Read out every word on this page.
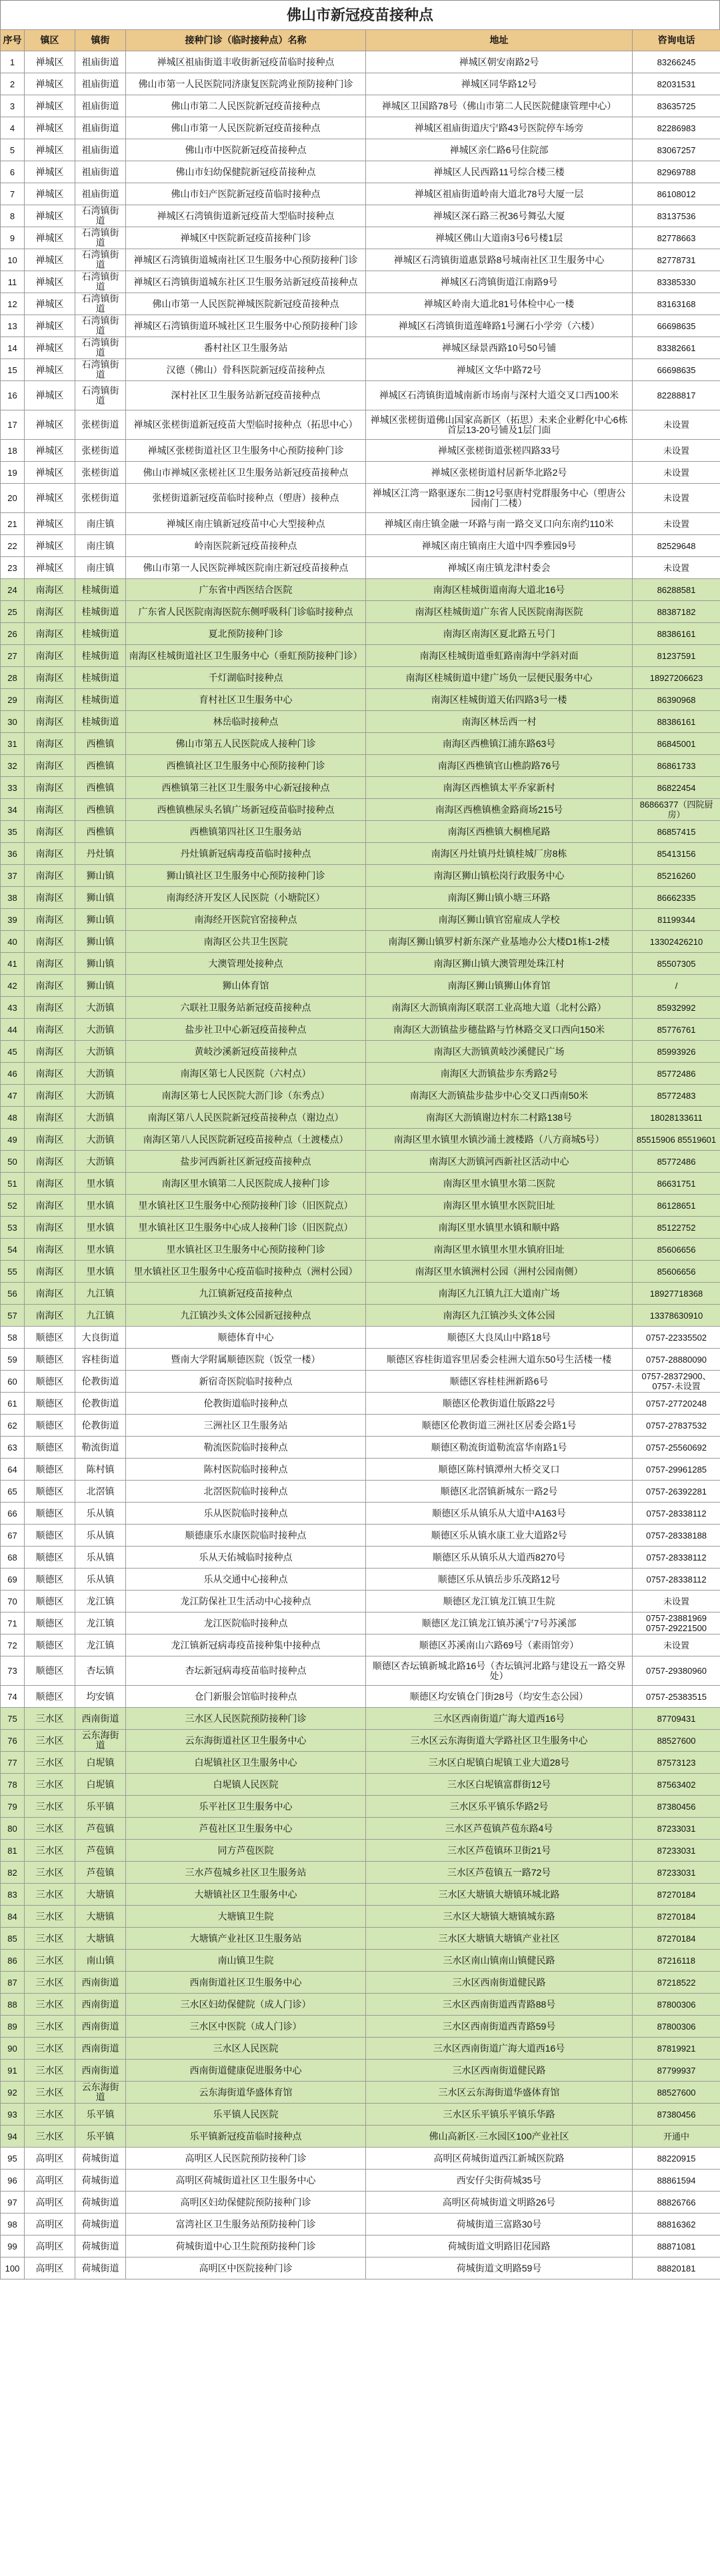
佛山市新冠疫苗接种点
序号	镇区	镇街	接种门诊（临时接种点）名称	地址	咨询电话
1	禅城区	祖庙街道	禅城区祖庙街道丰收街新冠疫苗临时接种点	禅城区朝安南路2号	83266245
2	禅城区	祖庙街道	佛山市第一人民医院同济康复医院鸿业预防接种门诊	禅城区同华路12号	82031531
3	禅城区	祖庙街道	佛山市第二人民医院新冠疫苗接种点	禅城区卫国路78号（佛山市第二人民医院健康管理中心）	83635725
4	禅城区	祖庙街道	佛山市第一人民医院新冠疫苗接种点	禅城区祖庙街道庆宁路43号医院停车场旁	82286983
5	禅城区	祖庙街道	佛山市中医院新冠疫苗接种点	禅城区亲仁路6号住院部	83067257
6	禅城区	祖庙街道	佛山市妇幼保健院新冠疫苗接种点	禅城区人民西路11号综合楼三楼	82969788
7	禅城区	祖庙街道	佛山市妇产医院新冠疫苗临时接种点	禅城区祖庙街道岭南大道北78号大厦一层	86108012
8	禅城区	石湾镇街道	禅城区石湾镇街道新冠疫苗大型临时接种点	禅城区深石路三祝36号舞弘大厦	83137536
9	禅城区	石湾镇街道	禅城区中医院新冠疫苗接种门诊	禅城区佛山大道南3号6号楼1层	82778663
10	禅城区	石湾镇街道	禅城区石湾镇街道城南社区卫生服务中心预防接种门诊	禅城区石湾镇街道惠景路8号城南社区卫生服务中心	82778731
11	禅城区	石湾镇街道	禅城区石湾镇街道城东社区卫生服务站新冠疫苗接种点	禅城区石湾镇街道江南路9号	83385330
12	禅城区	石湾镇街道	佛山市第一人民医院禅城医院新冠疫苗接种点	禅城区岭南大道北81号体检中心一楼	83163168
13	禅城区	石湾镇街道	禅城区石湾镇街道环城社区卫生服务中心预防接种门诊	禅城区石湾镇街道莲峰路1号澜石小学旁（六楼）	66698635
14	禅城区	石湾镇街道	番村社区卫生服务站	禅城区绿景西路10号50号铺	83382661
15	禅城区	石湾镇街道	汉德（佛山）骨科医院新冠疫苗接种点	禅城区文华中路72号	66698635
16	禅城区	石湾镇街道	深村社区卫生服务站新冠疫苗接种点	禅城区石湾镇街道城南新市场南与深村大道交叉口西100米	82288817
17	禅城区	张槎街道	禅城区张槎街道新冠疫苗大型临时接种点（拓思中心）	禅城区张槎街道佛山国家高新区（拓思）未来企业孵化中心6栋首层13-20号铺及1层门面	未设置
18	禅城区	张槎街道	禅城区张槎街道社区卫生服务中心预防接种门诊	禅城区张槎街道张槎四路33号	未设置
19	禅城区	张槎街道	佛山市禅城区张槎社区卫生服务站新冠疫苗接种点	禅城区张槎街道村居新华北路2号	未设置
20	禅城区	张槎街道	张槎街道新冠疫苗临时接种点（塱唐）接种点	禅城区江湾一路驱逐东二街12号驱唐村党群服务中心（塱唐公园南门二楼）	未设置
21	禅城区	南庄镇	禅城区南庄镇新冠疫苗中心大型接种点	禅城区南庄镇金融一环路与南一路交叉口向东南约110米	未设置
22	禅城区	南庄镇	岭南医院新冠疫苗接种点	禅城区南庄镇南庄大道中四季雅园9号	82529648
23	禅城区	南庄镇	佛山市第一人民医院禅城医院南庄新冠疫苗接种点	禅城区南庄镇龙津村委会	未设置
24	南海区	桂城街道	广东省中西医结合医院	南海区桂城街道南海大道北16号	86288581
25	南海区	桂城街道	广东省人民医院南海医院东侧呼吸科门诊临时接种点	南海区桂城街道广东省人民医院南海医院	88387182
26	南海区	桂城街道	夏北预防接种门诊	南海区南海区夏北路五号门	88386161
27	南海区	桂城街道	南海区桂城街道社区卫生服务中心（垂虹预防接种门诊）	南海区桂城街道垂虹路南海中学斜对面	81237591
28	南海区	桂城街道	千灯湖临时接种点	南海区桂城街道中建广场负一层便民服务中心	18927206623
29	南海区	桂城街道	育村社区卫生服务中心	南海区桂城街道天佑四路3号一楼	86390968
30	南海区	桂城街道	林岳临时接种点	南海区林岳西一村	88386161
31	南海区	西樵镇	佛山市第五人民医院成人接种门诊	南海区西樵镇江浦东路63号	86845001
32	南海区	西樵镇	西樵镇社区卫生服务中心预防接种门诊	南海区西樵镇官山樵韵路76号	86861733
33	南海区	西樵镇	西樵镇第三社区卫生服务中心新冠接种点	南海区西樵镇太平乔家新村	86822454
34	南海区	西樵镇	西樵镇樵尿头名镇广场新冠疫苗临时接种点	南海区西樵镇樵金路商场215号	86866377（四院厨房）
35	南海区	西樵镇	西樵镇第四社区卫生服务站	南海区西樵镇大桐樵尾路	86857415
36	南海区	丹灶镇	丹灶镇新冠病毒疫苗临时接种点	南海区丹灶镇丹灶镇桂城厂房8栋	85413156
37	南海区	狮山镇	狮山镇社区卫生服务中心预防接种门诊	南海区狮山镇松岗行政服务中心	85216260
38	南海区	狮山镇	南海经济开发区人民医院（小塘院区）	南海区狮山镇小塘三环路	86662335
39	南海区	狮山镇	南海经开医院官窑接种点	南海区狮山镇官窑雇成人学校	81199344
40	南海区	狮山镇	南海区公共卫生医院	南海区狮山镇罗村新东深产业基地办公大楼D1栋1-2楼	13302426210
41	南海区	狮山镇	大澳管理处接种点	南海区狮山镇大澳管理处珠江村	85507305
42	南海区	狮山镇	狮山体育馆	南海区狮山镇狮山体育馆	/
43	南海区	大沥镇	六联社卫服务站新冠疫苗接种点	南海区大沥镇南海区联滘工业高地大道（北村公路）	85932992
44	南海区	大沥镇	盐步社卫中心新冠疫苗接种点	南海区大沥镇盐步穗盐路与竹林路交叉口西向150米	85776761
45	南海区	大沥镇	黄岐沙溪新冠疫苗接种点	南海区大沥镇黄岐沙溪健民广场	85993926
46	南海区	大沥镇	南海区第七人民医院（六村点）	南海区大沥镇盐步东秀路2号	85772486
47	南海区	大沥镇	南海区第七人民医院大沥门诊（东秀点）	南海区大沥镇盐步盐步中心交叉口西南50米	85772483
48	南海区	大沥镇	南海区第八人民医院新冠疫苗接种点（谢边点）	南海区大沥镇谢边村东二村路138号	18028133611
49	南海区	大沥镇	南海区第八人民医院新冠疫苗接种点（土渡楼点）	南海区里水镇里水镇沙涌土渡楼路（八方商城5号）	85515906 85519601
50	南海区	大沥镇	盐步河西新社区新冠疫苗接种点	南海区大沥镇河西新社区活动中心	85772486
51	南海区	里水镇	南海区里水镇第二人民医院成人接种门诊	南海区里水镇里水第二医院	86631751
52	南海区	里水镇	里水镇社区卫生服务中心预防接种门诊（旧医院点）	南海区里水镇里水医院旧址	86128651
53	南海区	里水镇	里水镇社区卫生服务中心成人接种门诊（旧医院点）	南海区里水镇里水镇和顺中路	85122752
54	南海区	里水镇	里水镇社区卫生服务中心预防接种门诊	南海区里水镇里水里水镇府旧址	85606656
55	南海区	里水镇	里水镇社区卫生服务中心疫苗临时接种点（洲村公园）	南海区里水镇洲村公园（洲村公园南侧）	85606656
56	南海区	九江镇	九江镇新冠疫苗接种点	南海区九江镇九江大道南广场	18927718368
57	南海区	九江镇	九江镇沙头文体公园新冠接种点	南海区九江镇沙头文体公园	13378630910
58	顺德区	大良街道	顺德体育中心	顺德区大良凤山中路18号	0757-22335502
59	顺德区	容桂街道	暨南大学附属顺德医院（饭堂一楼）	顺德区容桂街道容里居委会桂洲大道东50号生活楼一楼	0757-28880090
60	顺德区	伦教街道	新宿奇医院临时接种点	顺德区容桂桂洲新路6号	0757-28372900、0757-未设置
61	顺德区	伦教街道	伦教街道临时接种点	顺德区伦教街道仕版路22号	0757-27720248
62	顺德区	伦教街道	三洲社区卫生服务站	顺德区伦教街道三洲社区居委会路1号	0757-27837532
63	顺德区	勒流街道	勒流医院临时接种点	顺德区勒流街道勒流富华南路1号	0757-25560692
64	顺德区	陈村镇	陈村医院临时接种点	顺德区陈村镇潭州大桥交叉口	0757-29961285
65	顺德区	北滘镇	北滘医院临时接种点	顺德区北滘镇新城东一路2号	0757-26392281
66	顺德区	乐从镇	乐从医院临时接种点	顺德区乐从镇乐从大道中A163号	0757-28338112
67	顺德区	乐从镇	顺德康乐水康医院临时接种点	顺德区乐从镇水康工业大道路2号	0757-28338188
68	顺德区	乐从镇	乐从天佑城临时接种点	顺德区乐从镇乐从大道西8270号	0757-28338112
69	顺德区	乐从镇	乐从交通中心接种点	顺德区乐从镇岳步乐茂路12号	0757-28338112
70	顺德区	龙江镇	龙江防保社卫生活动中心接种点	顺德区龙江镇龙江镇卫生院	未设置
71	顺德区	龙江镇	龙江医院临时接种点	顺德区龙江镇龙江镇苏溪宁7号苏溪部	0757-23881969 0757-29221500
72	顺德区	龙江镇	龙江镇新冠病毒疫苗接种集中接种点	顺德区苏溪南山六路69号（素雨馆旁）	未设置
73	顺德区	杏坛镇	杏坛新冠病毒疫苗临时接种点	顺德区杏坛镇新城北路16号（杏坛镇河北路与建设五一路交界处）	0757-29380960
74	顺德区	均安镇	仓门新服会馆临时接种点	顺德区均安镇仓门街28号（均安生态公园）	0757-25383515
75	三水区	西南街道	三水区人民医院预防接种门诊	三水区西南街道广海大道西16号	87709431
76	三水区	云东海街道	云东海街道社区卫生服务中心	三水区云东海街道大学路社区卫生服务中心	88527600
77	三水区	白坭镇	白坭镇社区卫生服务中心	三水区白坭镇白坭镇工业大道28号	87573123
78	三水区	白坭镇	白坭镇人民医院	三水区白坭镇富群街12号	87563402
79	三水区	乐平镇	乐平社区卫生服务中心	三水区乐平镇乐华路2号	87380456
80	三水区	芦苞镇	芦苞社区卫生服务中心	三水区芦苞镇芦苞东路4号	87233031
81	三水区	芦苞镇	同方芦苞医院	三水区芦苞镇环卫街21号	87233031
82	三水区	芦苞镇	三水芦苞城乡社区卫生服务站	三水区芦苞镇五一路72号	87233031
83	三水区	大塘镇	大塘镇社区卫生服务中心	三水区大塘镇大塘镇环城北路	87270184
84	三水区	大塘镇	大塘镇卫生院	三水区大塘镇大塘镇城东路	87270184
85	三水区	大塘镇	大塘镇产业社区卫生服务站	三水区大塘镇大塘镇产业社区	87270184
86	三水区	南山镇	南山镇卫生院	三水区南山镇南山镇健民路	87216118
87	三水区	西南街道	西南街道社区卫生服务中心	三水区西南街道健民路	87218522
88	三水区	西南街道	三水区妇幼保健院（成人门诊）	三水区西南街道西青路88号	87800306
89	三水区	西南街道	三水区中医院（成人门诊）	三水区西南街道西青路59号	87800306
90	三水区	西南街道	三水区人民医院	三水区西南街道广海大道西16号	87819921
91	三水区	西南街道	西南街道健康促进服务中心	三水区西南街道健民路	87799937
92	三水区	云东海街道	云东海街道华盛体育馆	三水区云东海街道华盛体育馆	88527600
93	三水区	乐平镇	乐平镇人民医院	三水区乐平镇乐平镇乐华路	87380456
94	三水区	乐平镇	乐平镇新冠疫苗临时接种点	佛山高新区·三水园区100产业社区	开通中
95	高明区	荷城街道	高明区人民医院预防接种门诊	高明区荷城街道西江新城医院路	88220915
96	高明区	荷城街道	高明区荷城街道社区卫生服务中心	西安仔尖街荷城35号	88861594
97	高明区	荷城街道	高明区妇幼保健院预防接种门诊	高明区荷城街道文明路26号	88826766
98	高明区	荷城街道	富湾社区卫生服务站预防接种门诊	荷城街道三富路30号	88816362
99	高明区	荷城街道	荷城街道中心卫生院预防接种门诊	荷城街道文明路旧花园路	88871081
100	高明区	荷城街道	高明区中医院接种门诊	荷城街道文明路59号	88820181
